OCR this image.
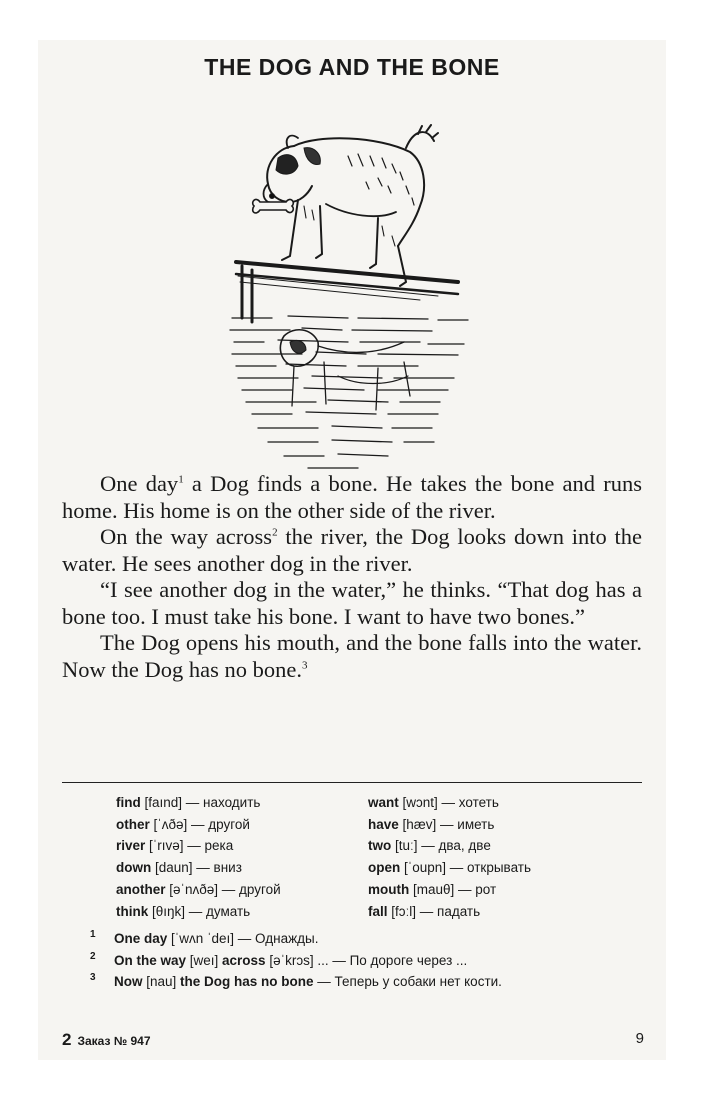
THE DOG AND THE BONE

One day$^1$ a Dog finds a bone. He takes the bone and runs home. His home is on the other side of the river.

On the way across$^2$ the river, the Dog looks down into the water. He sees another dog in the river.

“I see another dog in the water,” he thinks. “That dog has a bone too. I must take his bone. I want to have two bones.”

The Dog opens his mouth, and the bone falls into the water. Now the Dog has no bone.$^3$

find [faınd] — находить
other [ˈʌðə] — другой
river [ˈrıvə] — река
down [daun] — вниз
another [əˈnʌðə] — другой
think [θıŋk] — думать
want [wɔnt] — хотеть
have [hæv] — иметь
two [tuː] — два, две
open [ˈoupn] — открывать
mouth [mauθ] — рот
fall [fɔːl] — падать
1 One day [ˈwʌn ˈdeı] — Однажды.
2 On the way [weı] across [əˈkrɔs] ... — По дороге через ...
3 Now [nau] the Dog has no bone — Теперь у собаки нет кости.
2 Заказ № 947	9
